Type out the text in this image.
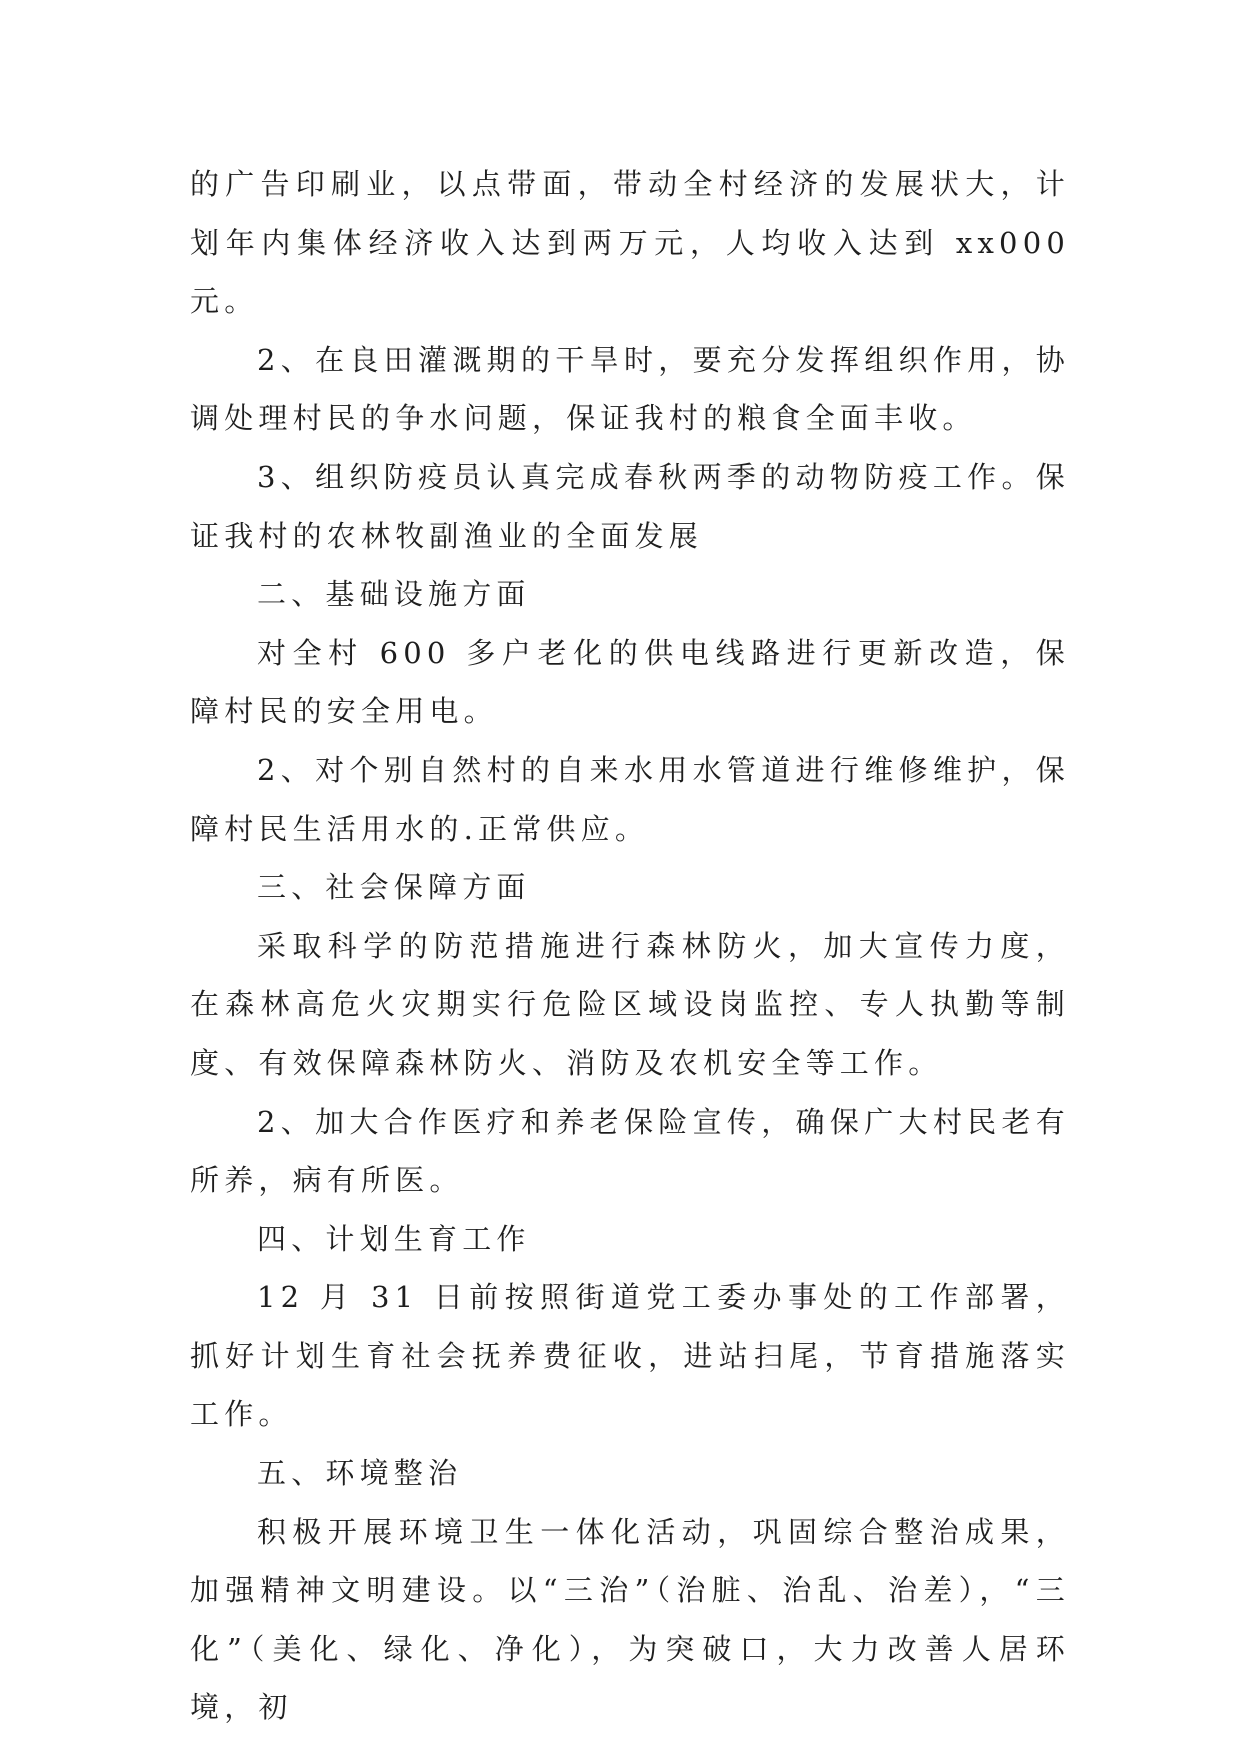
的广告印刷业，以点带面，带动全村经济的发展状大，计划年内集体经济收入达到两万元，人均收入达到 xx000 元。

2、在良田灌溉期的干旱时，要充分发挥组织作用，协调处理村民的争水问题，保证我村的粮食全面丰收。

3、组织防疫员认真完成春秋两季的动物防疫工作。保证我村的农林牧副渔业的全面发展

二、基础设施方面

对全村 600 多户老化的供电线路进行更新改造，保障村民的安全用电。

2、对个别自然村的自来水用水管道进行维修维护，保障村民生活用水的.正常供应。

三、社会保障方面

采取科学的防范措施进行森林防火，加大宣传力度，在森林高危火灾期实行危险区域设岗监控、专人执勤等制度、有效保障森林防火、消防及农机安全等工作。

2、加大合作医疗和养老保险宣传，确保广大村民老有所养，病有所医。

四、计划生育工作

12 月 31 日前按照街道党工委办事处的工作部署，抓好计划生育社会抚养费征收，进站扫尾，节育措施落实工作。

五、环境整治

积极开展环境卫生一体化活动，巩固综合整治成果，加强精神文明建设。以“三治”（治脏、治乱、治差），“三化”（美化、绿化、净化），为突破口，大力改善人居环境，初
